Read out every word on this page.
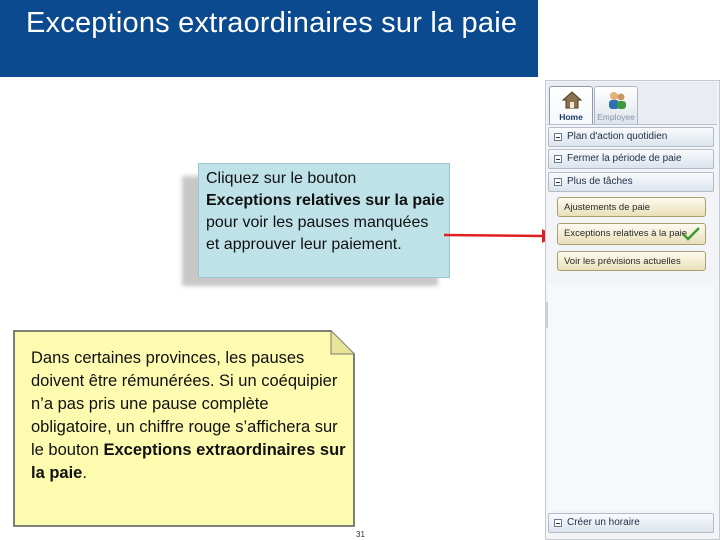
Exceptions extraordinaires sur la paie
Cliquez sur le bouton Exceptions relatives sur la paie pour voir les pauses manquées et approuver leur paiement.
Dans certaines provinces, les pauses doivent être rémunérées. Si un coéquipier n’a pas pris une pause complète obligatoire, un chiffre rouge s’affichera sur le bouton Exceptions extraordinaires sur la paie.
31
Home	Employee
Plan d'action quotidien
Fermer la période de paie
Plus de tâches
Ajustements de paie
Exceptions relatives à la paie
Voir les prévisions actuelles
Créer un horaire
